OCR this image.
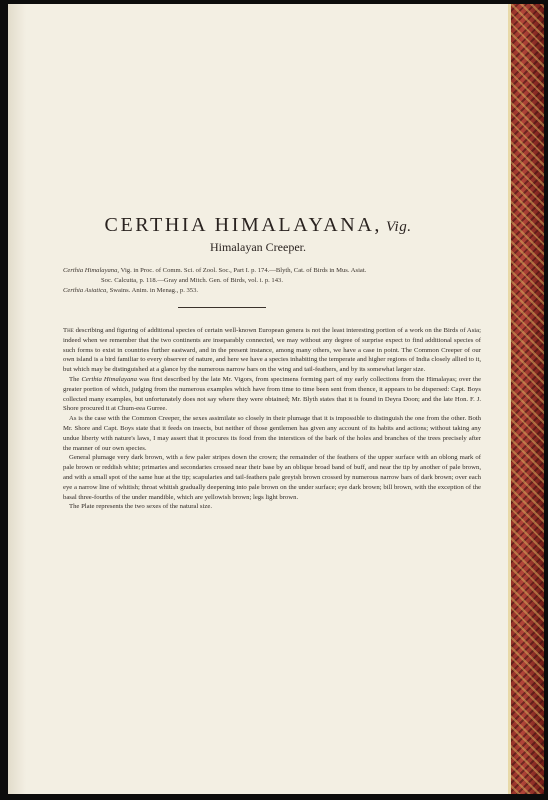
CERTHIA HIMALAYANA, Vig.
Himalayan Creeper.

Certhia Himalayana, Vig. in Proc. of Comm. Sci. of Zool. Soc., Part I. p. 174.—Blyth, Cat. of Birds in Mus. Asiat.

Soc. Calcutta, p. 118.—Gray and Mitch. Gen. of Birds, vol. i. p. 143.

Certhia Asiatica, Swains. Anim. in Menag., p. 353.

The describing and figuring of additional species of certain well-known European genera is not the least interesting portion of a work on the Birds of Asia; indeed when we remember that the two continents are inseparably connected, we may without any degree of surprise expect to find additional species of such forms to exist in countries further eastward, and in the present instance, among many others, we have a case in point. The Common Creeper of our own island is a bird familiar to every observer of nature, and here we have a species inhabiting the temperate and higher regions of India closely allied to it, but which may be distinguished at a glance by the numerous narrow bars on the wing and tail-feathers, and by its somewhat larger size.

The Certhia Himalayana was first described by the late Mr. Vigors, from specimens forming part of my early collections from the Himalayas; over the greater portion of which, judging from the numerous examples which have from time to time been sent from thence, it appears to be dispersed: Capt. Boys collected many examples, but unfortunately does not say where they were obtained; Mr. Blyth states that it is found in Deyra Doon; and the late Hon. F. J. Shore procured it at Chum-eea Gurree.

As is the case with the Common Creeper, the sexes assimilate so closely in their plumage that it is impossible to distinguish the one from the other. Both Mr. Shore and Capt. Boys state that it feeds on insects, but neither of those gentlemen has given any account of its habits and actions; without taking any undue liberty with nature's laws, I may assert that it procures its food from the interstices of the bark of the holes and branches of the trees precisely after the manner of our own species.

General plumage very dark brown, with a few paler stripes down the crown; the remainder of the feathers of the upper surface with an oblong mark of pale brown or reddish white; primaries and secondaries crossed near their base by an oblique broad band of buff, and near the tip by another of pale brown, and with a small spot of the same hue at the tip; scapularies and tail-feathers pale greyish brown crossed by numerous narrow bars of dark brown; over each eye a narrow line of whitish; throat whitish gradually deepening into pale brown on the under surface; eye dark brown; bill brown, with the exception of the basal three-fourths of the under mandible, which are yellowish brown; legs light brown.

The Plate represents the two sexes of the natural size.
